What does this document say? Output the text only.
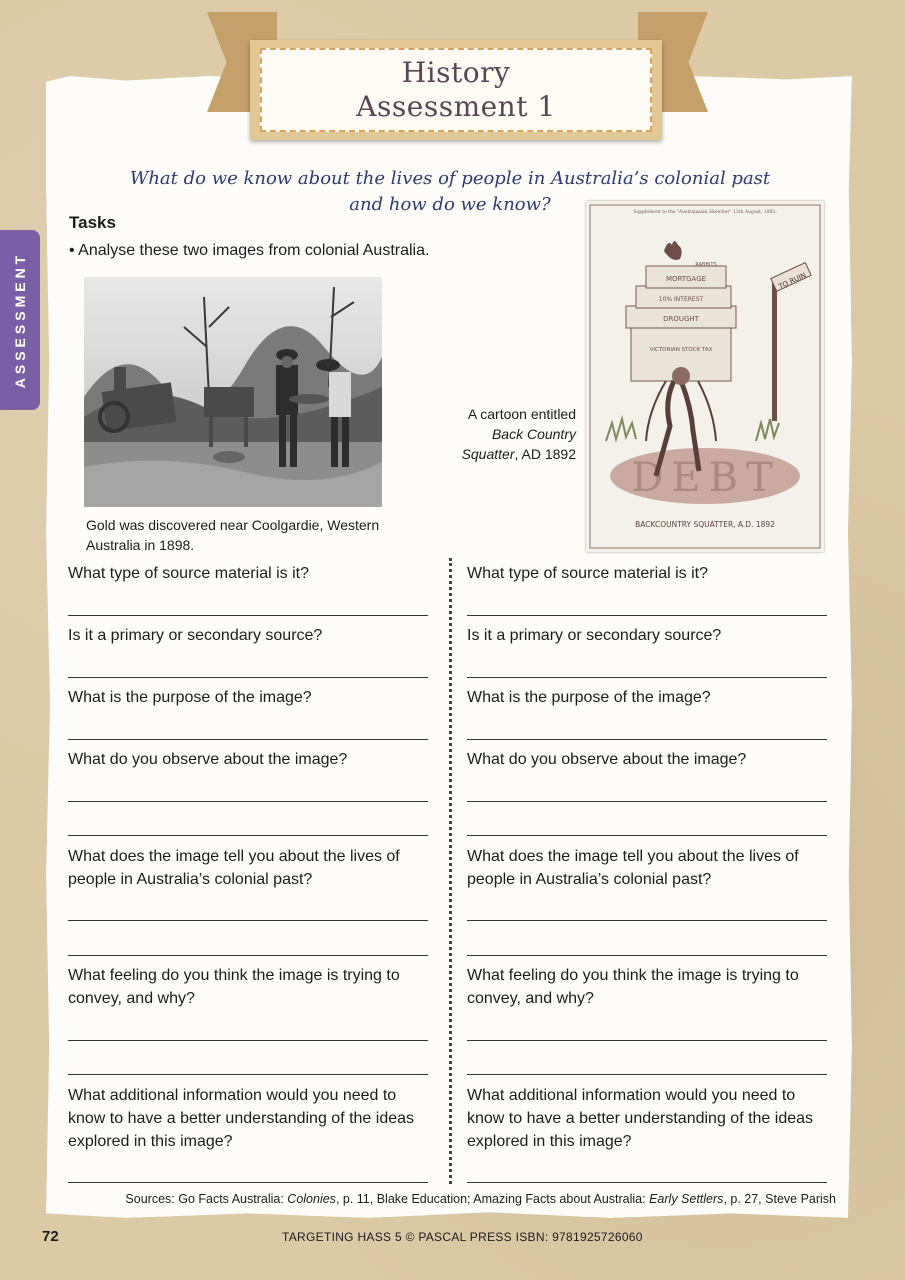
History
Assessment 1
ASSESSMENT
What do we know about the lives of people in Australia’s colonial past
and how do we know?
Tasks
• Analyse these two images from colonial Australia.
Gold was discovered near Coolgardie, Western Australia in 1898.
Supplement to the "Australasian Sketcher" 13th August, 1892.
DEBT
TO RUIN
MORTGAGE
10% INTEREST
DROUGHT
VICTORIAN STOCK TAX
RABBITS
BACKCOUNTRY SQUATTER, A.D. 1892
A cartoon entitled
Back Country Squatter, AD 1892
What type of source material is it?
Is it a primary or secondary source?
What is the purpose of the image?
What do you observe about the image?
What does the image tell you about the lives of people in Australia’s colonial past?
What feeling do you think the image is trying to convey, and why?
What additional information would you need to know to have a better understanding of the ideas explored in this image?
What type of source material is it?
Is it a primary or secondary source?
What is the purpose of the image?
What do you observe about the image?
What does the image tell you about the lives of people in Australia’s colonial past?
What feeling do you think the image is trying to convey, and why?
What additional information would you need to know to have a better understanding of the ideas explored in this image?
Sources: Go Facts Australia: Colonies, p. 11, Blake Education; Amazing Facts about Australia: Early Settlers, p. 27, Steve Parish
72	TARGETING HASS 5 © PASCAL PRESS ISBN: 9781925726060
